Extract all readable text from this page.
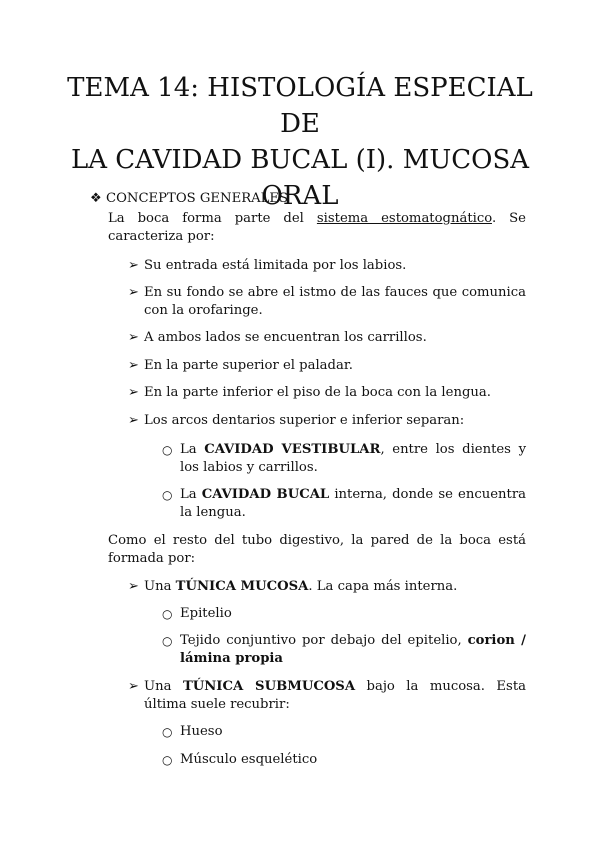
TEMA 14: HISTOLOGÍA ESPECIAL DE
LA CAVIDAD BUCAL (I). MUCOSA
ORAL
❖ CONCEPTOS GENERALES
La boca forma parte del sistema estomatognático. Se caracteriza por:
➢ Su entrada está limitada por los labios.
➢ En su fondo se abre el istmo de las fauces que comunica con la orofaringe.
➢ A ambos lados se encuentran los carrillos.
➢ En la parte superior el paladar.
➢ En la parte inferior el piso de la boca con la lengua.
➢ Los arcos dentarios superior e inferior separan:
○ La CAVIDAD VESTIBULAR, entre los dientes y los labios y carrillos.
○ La CAVIDAD BUCAL interna, donde se encuentra la lengua.
Como el resto del tubo digestivo, la pared de la boca está formada por:
➢ Una TÚNICA MUCOSA. La capa más interna.
○ Epitelio
○ Tejido conjuntivo por debajo del epitelio, corion / lámina propia
➢ Una TÚNICA SUBMUCOSA bajo la mucosa. Esta última suele recubrir:
○ Hueso
○ Músculo esquelético
